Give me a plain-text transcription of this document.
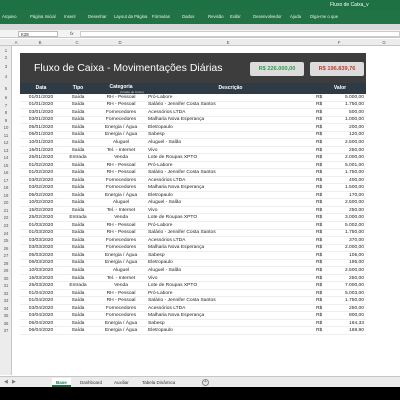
Fluxo de Caixa_v
Arquivo	Página Inicial Inserir	Desenhar Layout da Página Fórmulas	Dados	Revisão Exibir	Desenvolvedor Ajuda Diga-me o que
K28	fx
A	B	C	D	E	F	G
1
2
3
4
5
6
7
8
9
10
11
12
13
14
15
16
17
18
19
20
21
22
23
24
25
26
27
28
29
30
31
32
33
34
35
36
37
Fluxo de Caixa - Movimentações Diárias	R$ 226.000,00	R$ 196.839,76
Entradas	Saídas
Data	Tipo	Categoria
(Criado de Custo)
Descrição	Valor
01/01/2020	Saída	RH - Pessoal	Pró-Labore	R$	5.000,00
01/01/2020	Saída	RH - Pessoal	Salário - Jennifer Costa Santos	R$	1.750,00
03/01/2020	Saída	Fornecedores	Acessórios LTDA	R$	500,00
03/01/2020	Saída	Fornecedores	Malharia Nova Esperança	R$	1.000,00
05/01/2020	Saída	Energia / Água	Eletropaulo	R$	200,00
05/01/2020	Saída	Energia / Água	Sabesp	R$	120,00
10/01/2020	Saída	Aluguel	Aluguel - Salão	R$	2.500,00
15/01/2020	Saída	Tel. - Internet	Vivo	R$	250,00
25/01/2020	Entrada	Venda	Lote de Roupas XPTO	R$	2.000,00
01/02/2020	Saída	RH - Pessoal	Pró-Labore	R$	5.001,00
01/02/2020	Saída	RH - Pessoal	Salário - Jennifer Costa Santos	R$	1.750,00
03/02/2020	Saída	Fornecedores	Acessórios LTDA	R$	400,00
03/02/2020	Saída	Fornecedores	Malharia Nova Esperança	R$	1.500,00
05/02/2020	Saída	Energia / Água	Eletropaulo	R$	170,00
10/02/2020	Saída	Aluguel	Aluguel - Salão	R$	2.500,00
15/02/2020	Saída	Tel. - Internet	Vivo	R$	250,00
25/02/2020	Entrada	Venda	Lote de Roupas XPTO	R$	3.000,00
01/03/2020	Saída	RH - Pessoal	Pró-Labore	R$	5.002,00
01/03/2020	Saída	RH - Pessoal	Salário - Jennifer Costa Santos	R$	1.750,00
03/03/2020	Saída	Fornecedores	Acessórios LTDA	R$	370,00
03/03/2020	Saída	Fornecedores	Malharia Nova Esperança	R$	2.000,00
05/03/2020	Saída	Energia / Água	Sabesp	R$	105,00
06/03/2020	Saída	Energia / Água	Eletropaulo	R$	195,00
10/03/2020	Saída	Aluguel	Aluguel - Salão	R$	2.500,00
15/03/2020	Saída	Tel. - Internet	Vivo	R$	250,00
25/03/2020	Entrada	Venda	Lote de Roupas XPTO	R$	7.000,00
01/04/2020	Saída	RH - Pessoal	Pró-Labore	R$	5.003,00
01/04/2020	Saída	RH - Pessoal	Salário - Jennifer Costa Santos	R$	1.750,00
03/04/2020	Saída	Fornecedores	Acessórios LTDA	R$	250,00
03/04/2020	Saída	Fornecedores	Malharia Nova Esperança	R$	800,00
05/04/2020	Saída	Energia / Água	Sabesp	R$	164,33
06/04/2020	Saída	Energia / Água	Eletropaulo	R$	168,90
◀ ▶	Base	Dashboard	Auxiliar	Tabela Dinâmica	+
